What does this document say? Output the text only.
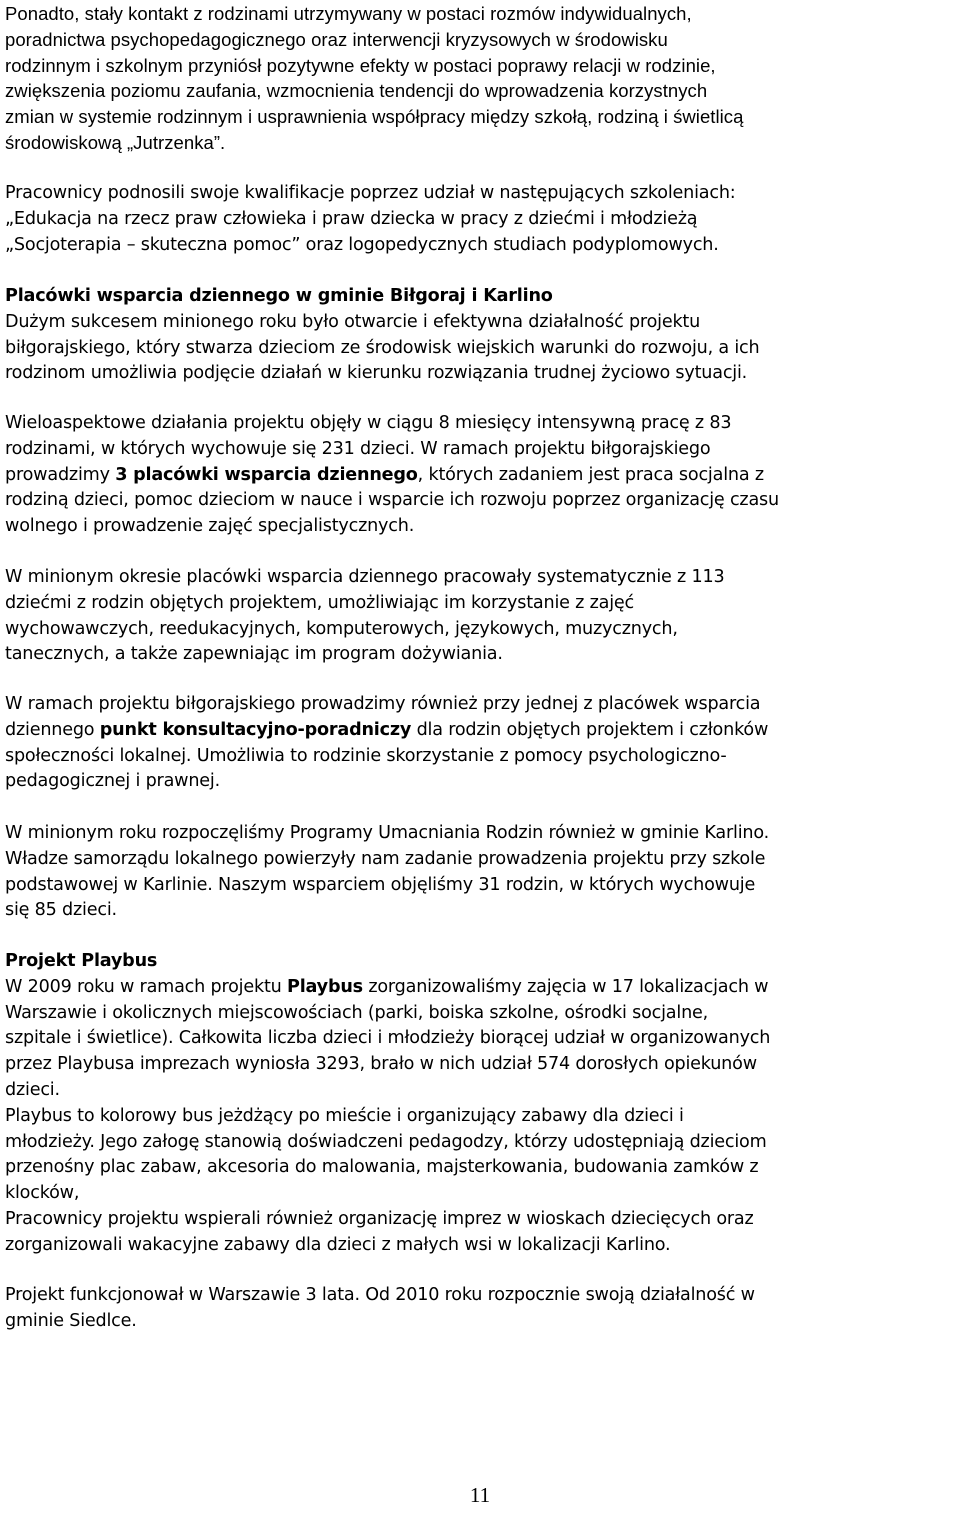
Ponadto, stały kontakt z rodzinami utrzymywany w postaci rozmów indywidualnych,
poradnictwa psychopedagogicznego oraz interwencji kryzysowych w środowisku
rodzinnym i szkolnym przyniósł pozytywne efekty w postaci poprawy relacji w rodzinie,
zwiększenia poziomu zaufania, wzmocnienia tendencji do wprowadzenia korzystnych
zmian w systemie rodzinnym i usprawnienia współpracy między szkołą, rodziną i świetlicą
środowiskową „Jutrzenka”.
Pracownicy podnosili swoje kwalifikacje poprzez udział w następujących szkoleniach:
„Edukacja na rzecz praw człowieka i praw dziecka w pracy z dziećmi i młodzieżą
„Socjoterapia – skuteczna pomoc” oraz logopedycznych studiach podyplomowych.
Placówki wsparcia dziennego w gminie Biłgoraj i Karlino
Dużym sukcesem minionego roku było otwarcie i efektywna działalność projektu
biłgorajskiego, który stwarza dzieciom ze środowisk wiejskich warunki do rozwoju, a ich
rodzinom umożliwia podjęcie działań w kierunku rozwiązania trudnej życiowo sytuacji.
Wieloaspektowe działania projektu objęły w ciągu 8 miesięcy intensywną pracę z 83
rodzinami, w których wychowuje się 231 dzieci. W ramach projektu biłgorajskiego
prowadzimy 3 placówki wsparcia dziennego, których zadaniem jest praca socjalna z
rodziną dzieci, pomoc dzieciom w nauce i wsparcie ich rozwoju poprzez organizację czasu
wolnego i prowadzenie zajęć specjalistycznych.
W minionym okresie placówki wsparcia dziennego pracowały systematycznie z 113
dziećmi z rodzin objętych projektem, umożliwiając im korzystanie z zajęć
wychowawczych, reedukacyjnych, komputerowych, językowych, muzycznych,
tanecznych, a także zapewniając im program dożywiania.
W ramach projektu biłgorajskiego prowadzimy również przy jednej z placówek wsparcia
dziennego punkt konsultacyjno-poradniczy dla rodzin objętych projektem i członków
społeczności lokalnej. Umożliwia to rodzinie skorzystanie z pomocy psychologiczno-
pedagogicznej i prawnej.
W minionym roku rozpoczęliśmy Programy Umacniania Rodzin również w gminie Karlino.
Władze samorządu lokalnego powierzyły nam zadanie prowadzenia projektu przy szkole
podstawowej w Karlinie. Naszym wsparciem objęliśmy 31 rodzin, w których wychowuje
się 85 dzieci.
Projekt Playbus
W 2009 roku w ramach projektu Playbus zorganizowaliśmy zajęcia w 17 lokalizacjach w
Warszawie i okolicznych miejscowościach (parki, boiska szkolne, ośrodki socjalne,
szpitale i świetlice). Całkowita liczba dzieci i młodzieży biorącej udział w organizowanych
przez Playbusa imprezach wyniosła 3293, brało w nich udział 574 dorosłych opiekunów
dzieci.
Playbus to kolorowy bus jeżdżący po mieście i organizujący zabawy dla dzieci i
młodzieży. Jego załogę stanowią doświadczeni pedagodzy, którzy udostępniają dzieciom
przenośny plac zabaw, akcesoria do malowania, majsterkowania, budowania zamków z
klocków,
Pracownicy projektu wspierali również organizację imprez w wioskach dziecięcych oraz
zorganizowali wakacyjne zabawy dla dzieci z małych wsi w lokalizacji Karlino.
Projekt funkcjonował w Warszawie 3 lata. Od 2010 roku rozpocznie swoją działalność w
gminie Siedlce.
11
